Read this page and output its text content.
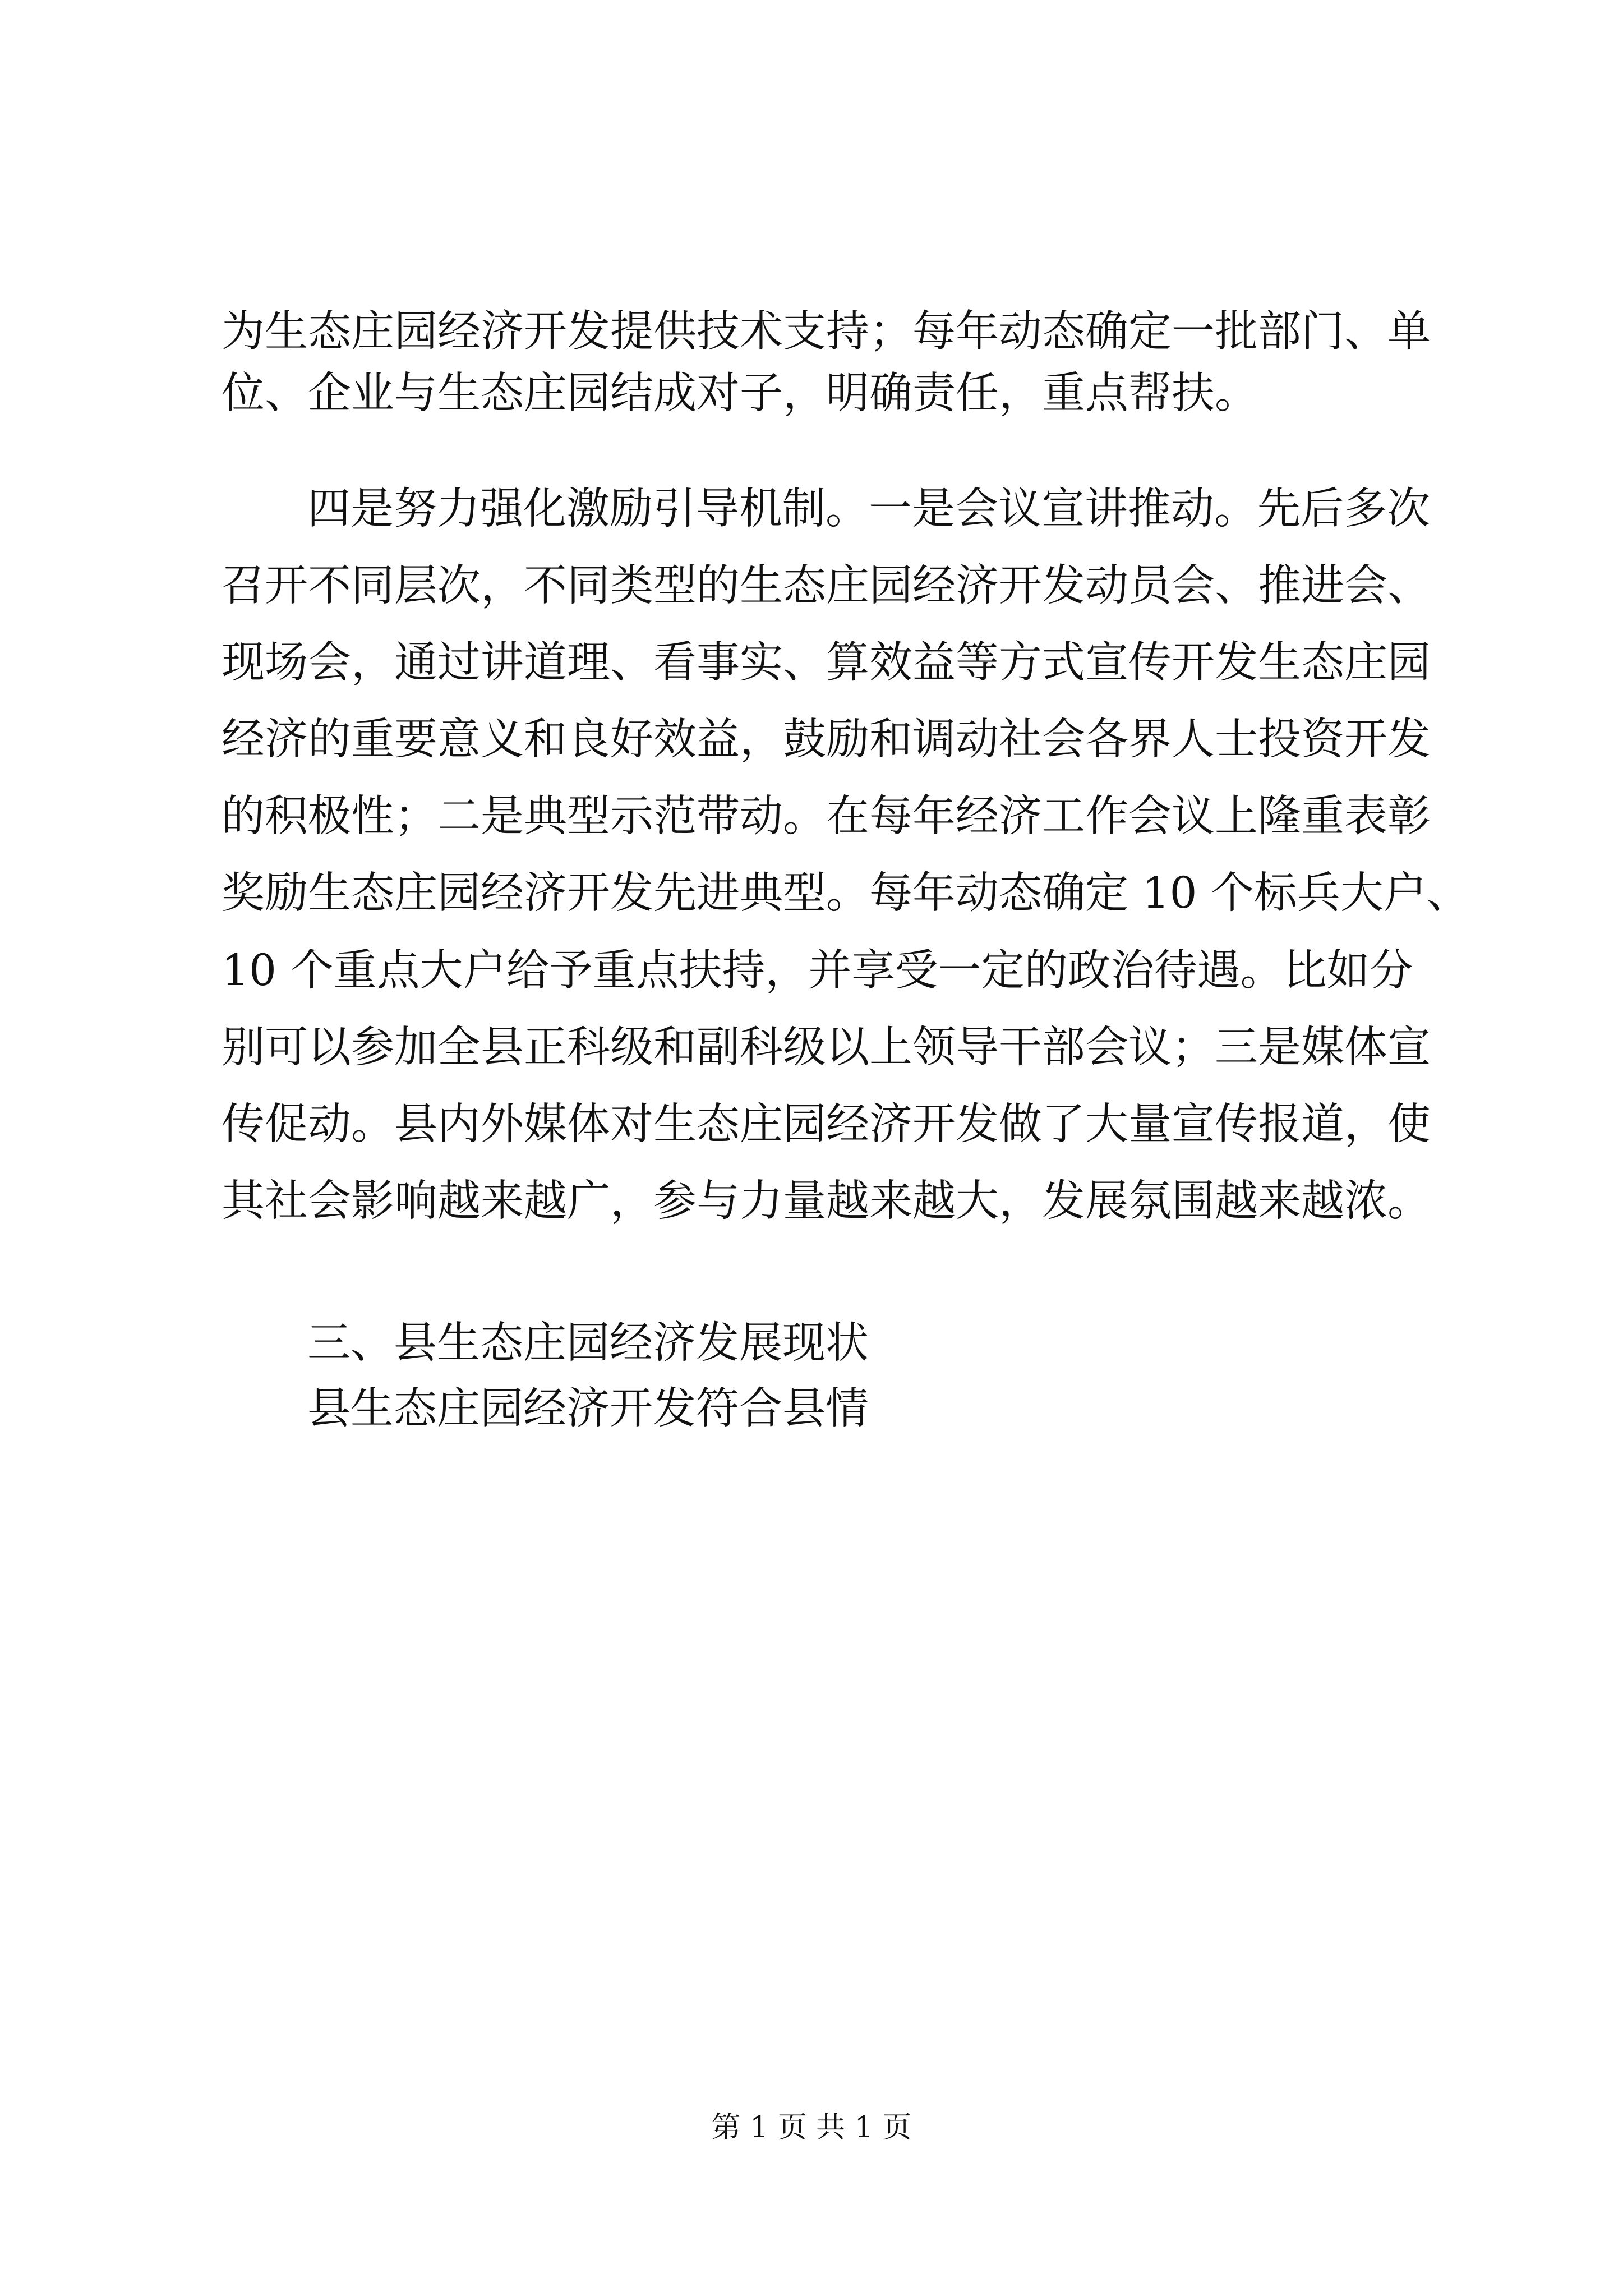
为生态庄园经济开发提供技术支持；每年动态确定一批部门、单
位、企业与生态庄园结成对子，明确责任，重点帮扶。
四是努力强化激励引导机制。一是会议宣讲推动。先后多次
召开不同层次，不同类型的生态庄园经济开发动员会、推进会、
现场会，通过讲道理、看事实、算效益等方式宣传开发生态庄园
经济的重要意义和良好效益，鼓励和调动社会各界人士投资开发
的积极性；二是典型示范带动。在每年经济工作会议上隆重表彰
奖励生态庄园经济开发先进典型。每年动态确定 10 个标兵大户、
10 个重点大户给予重点扶持，并享受一定的政治待遇。比如分
别可以参加全县正科级和副科级以上领导干部会议；三是媒体宣
传促动。县内外媒体对生态庄园经济开发做了大量宣传报道，使
其社会影响越来越广，参与力量越来越大，发展氛围越来越浓。
三、县生态庄园经济发展现状
县生态庄园经济开发符合县情
第 1 页 共 1 页
